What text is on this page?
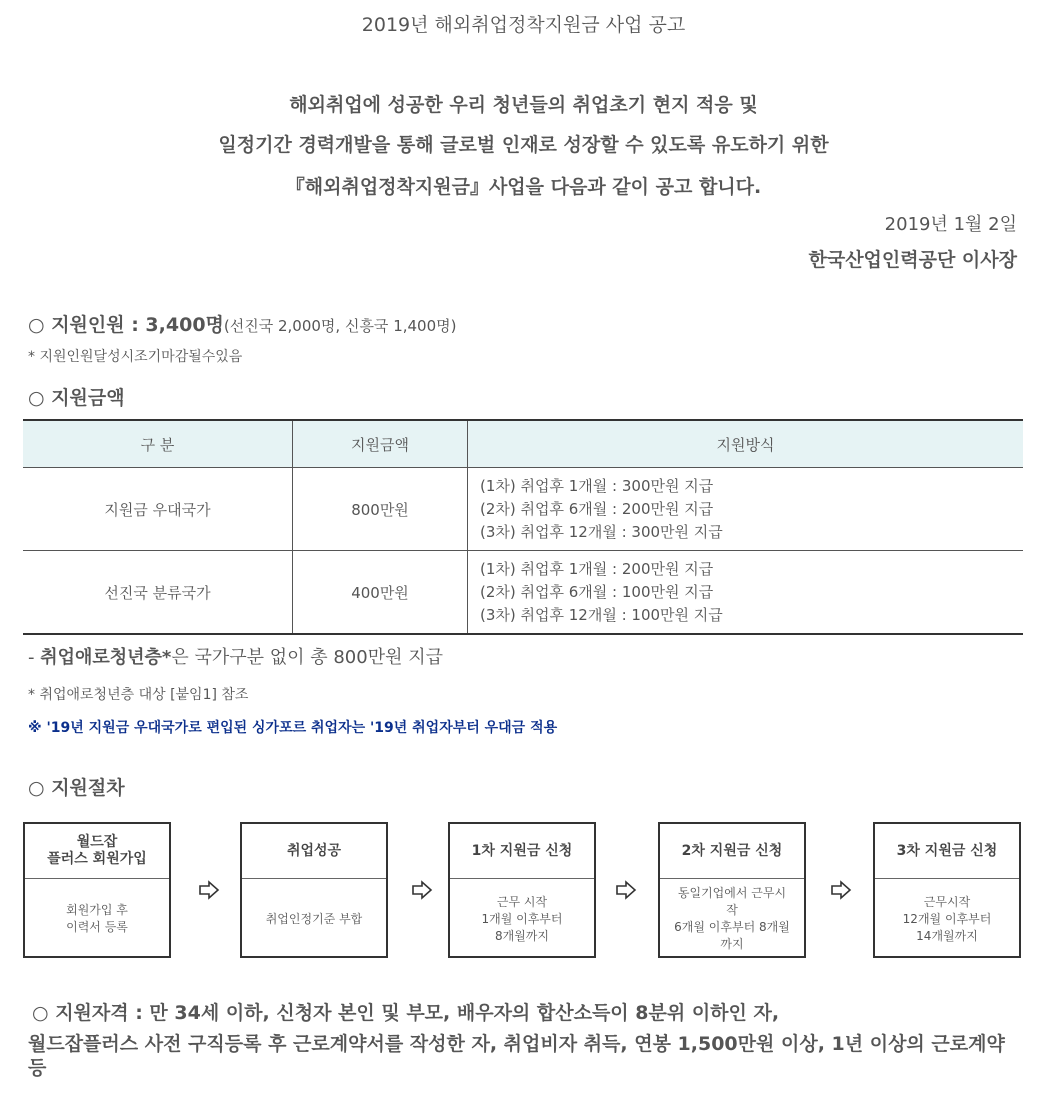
2019년 해외취업정착지원금 사업 공고
해외취업에 성공한 우리 청년들의 취업초기 현지 적응 및
일정기간 경력개발을 통해 글로벌 인재로 성장할 수 있도록 유도하기 위한
『해외취업정착지원금』사업을 다음과 같이 공고 합니다.
2019년 1월 2일
한국산업인력공단 이사장
○ 지원인원 : 3,400명(선진국 2,000명, 신흥국 1,400명)
* 지원인원달성시조기마감될수있음
○ 지원금액
구 분	지원금액	지원방식
지원금 우대국가	800만원	(1차) 취업후 1개월 : 300만원 지급
(2차) 취업후 6개월 : 200만원 지급
(3차) 취업후 12개월 : 300만원 지급

선진국 분류국가	400만원	(1차) 취업후 1개월 : 200만원 지급
(2차) 취업후 6개월 : 100만원 지급
(3차) 취업후 12개월 : 100만원 지급
- 취업애로청년층*은 국가구분 없이 총 800만원 지급
* 취업애로청년층 대상 [붙임1] 참조
※ '19년 지원금 우대국가로 편입된 싱가포르 취업자는 '19년 취업자부터 우대금 적용
○ 지원절차
월드잡
플러스 회원가입
회원가입 후
이력서 등록
취업성공
취업인정기준 부합
1차 지원금 신청
근무 시작
1개월 이후부터
8개월까지
2차 지원금 신청
동일기업에서 근무시
작
6개월 이후부터 8개월
까지
3차 지원금 신청
근무시작
12개월 이후부터
14개월까지
○ 지원자격 : 만 34세 이하, 신청자 본인 및 부모, 배우자의 합산소득이 8분위 이하인 자,
월드잡플러스 사전 구직등록 후 근로계약서를 작성한 자, 취업비자 취득, 연봉 1,500만원 이상, 1년 이상의 근로계약 등
